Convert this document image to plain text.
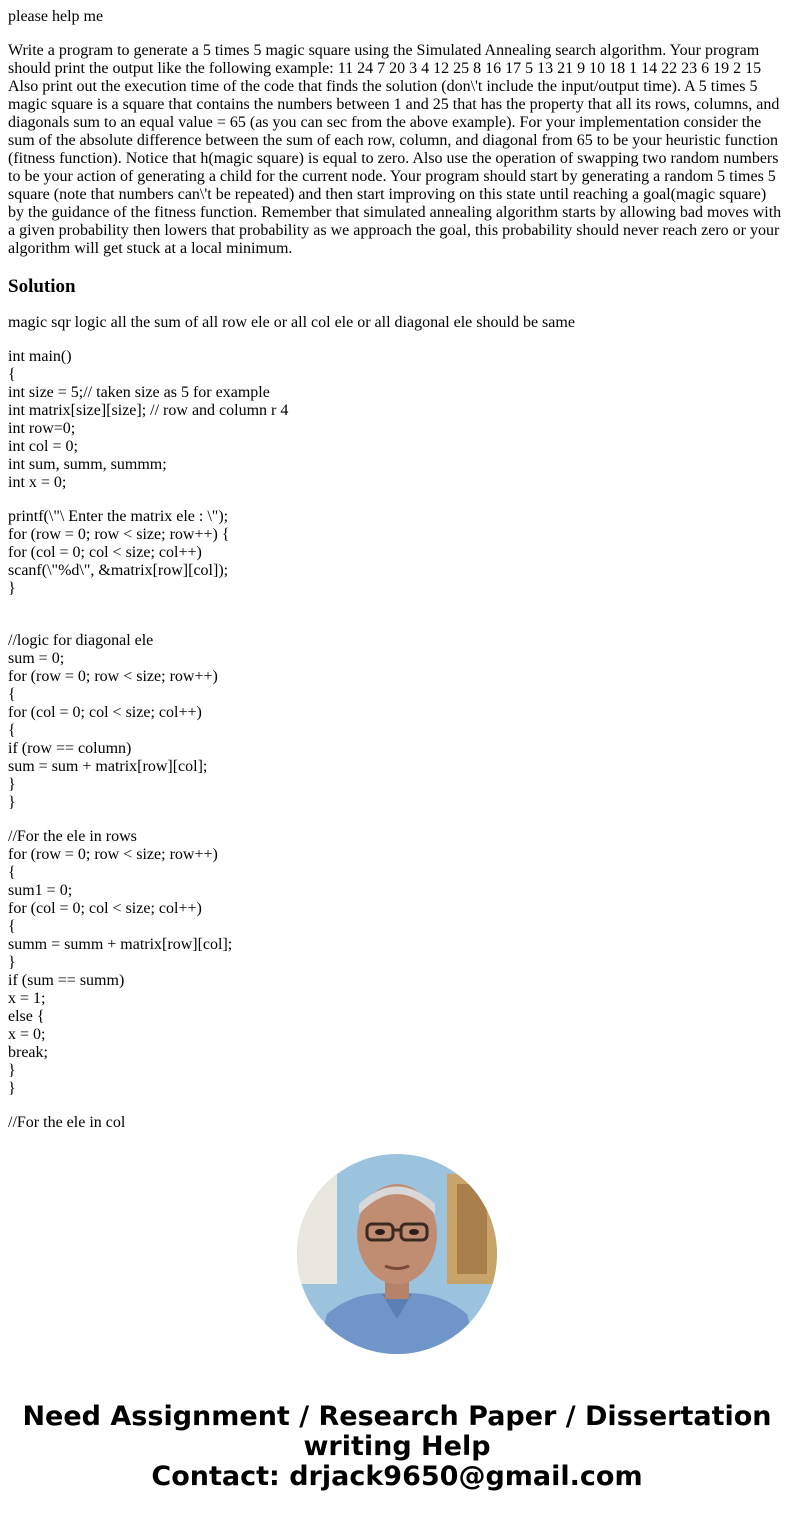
please help me

Write a program to generate a 5 times 5 magic square using the Simulated Annealing search algorithm. Your program should print the output like the following example: 11 24 7 20 3 4 12 25 8 16 17 5 13 21 9 10 18 1 14 22 23 6 19 2 15 Also print out the execution time of the code that finds the solution (don\'t include the input/output time). A 5 times 5 magic square is a square that contains the numbers between 1 and 25 that has the property that all its rows, columns, and diagonals sum to an equal value = 65 (as you can sec from the above example). For your implementation consider the sum of the absolute difference between the sum of each row, column, and diagonal from 65 to be your heuristic function (fitness function). Notice that h(magic square) is equal to zero. Also use the operation of swapping two random numbers to be your action of generating a child for the current node. Your program should start by generating a random 5 times 5 square (note that numbers can\'t be repeated) and then start improving on this state until reaching a goal(magic square) by the guidance of the fitness function. Remember that simulated annealing algorithm starts by allowing bad moves with a given probability then lowers that probability as we approach the goal, this probability should never reach zero or your algorithm will get stuck at a local minimum.

Solution

magic sqr logic all the sum of all row ele or all col ele or all diagonal ele should be same

int main()
{
int size = 5;// taken size as 5 for example
int matrix[size][size]; // row and column r 4
int row=0;
int col = 0;
int sum, summ, summm;
int x = 0;
printf(\"\ Enter the matrix ele : \");
for (row = 0; row < size; row++) {
for (col = 0; col < size; col++)
scanf(\"%d\", &matrix[row][col]);
}

//logic for diagonal ele
sum = 0;
for (row = 0; row < size; row++)
{
for (col = 0; col < size; col++)
{
if (row == column)
sum = sum + matrix[row][col];
}
}
//For the ele in rows
for (row = 0; row < size; row++)
{
sum1 = 0;
for (col = 0; col < size; col++)
{
summ = summ + matrix[row][col];
}
if (sum == summ)
x = 1;
else {
x = 0;
break;
}
}
//For the ele in col
Need Assignment / Research Paper / Dissertation
writing Help
Contact: drjack9650@gmail.com
